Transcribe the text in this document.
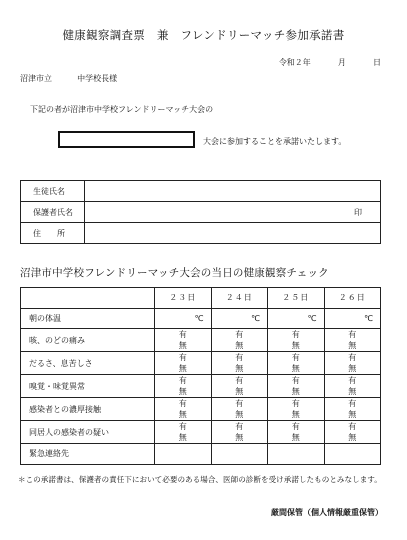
健康観察調査票　兼　フレンドリーマッチ参加承諾書
令和２年	月	日
沼津市立	中学校長様
下記の者が沼津市中学校フレンドリーマッチ大会の
大会に参加することを承諾いたします。
生徒氏名	
保護者氏名	印

住　　所	
沼津市中学校フレンドリーマッチ大会の当日の健康観察チェック
	２３日	２４日	２５日	２６日
朝の体温	℃	℃	℃	℃
咳、のどの痛み	有無	有無	有無	有無
だるさ、息苦しさ	有無	有無	有無	有無
嗅覚・味覚異常	有無	有無	有無	有無
感染者との濃厚接触	有無	有無	有無	有無
同居人の感染者の疑い	有無	有無	有無	有無
緊急連絡先				
＊この承諾書は、保護者の責任下において必要のある場合、医師の診断を受け承諾したものとみなします。
厳間保管（個人情報厳重保管）
